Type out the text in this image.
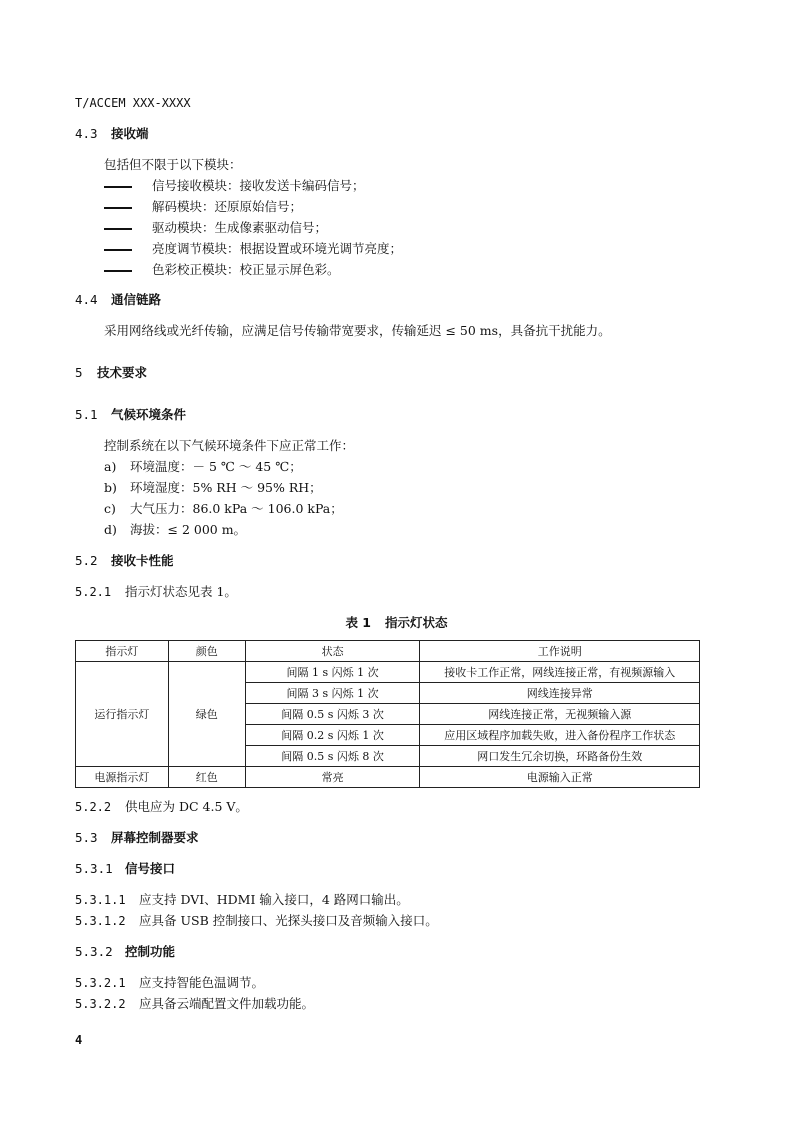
T/ACCEM XXX-XXXX
4.3 接收端
包括但不限于以下模块：
信号接收模块：接收发送卡编码信号；
解码模块：还原原始信号；
驱动模块：生成像素驱动信号；
亮度调节模块：根据设置或环境光调节亮度；
色彩校正模块：校正显示屏色彩。
4.4 通信链路
采用网络线或光纤传输，应满足信号传输带宽要求，传输延迟 ≤ 50 ms，具备抗干扰能力。
5 技术要求
5.1 气候环境条件
控制系统在以下气候环境条件下应正常工作：
a) 环境温度：－ 5 ℃ ～ 45 ℃；
b) 环境湿度：5% RH ～ 95% RH；
c) 大气压力：86.0 kPa ～ 106.0 kPa；
d) 海拔：≤ 2 000 m。
5.2 接收卡性能
5.2.1 指示灯状态见表 1。
表 1 指示灯状态
指示灯	颜色	状态	工作说明
运行指示灯	绿色	间隔 1 s 闪烁 1 次	接收卡工作正常，网线连接正常，有视频源输入
		间隔 3 s 闪烁 1 次	网线连接异常
		间隔 0.5 s 闪烁 3 次	网线连接正常，无视频输入源
		间隔 0.2 s 闪烁 1 次	应用区域程序加载失败，进入备份程序工作状态
		间隔 0.5 s 闪烁 8 次	网口发生冗余切换，环路备份生效
电源指示灯	红色	常亮	电源输入正常
5.2.2 供电应为 DC 4.5 V。
5.3 屏幕控制器要求
5.3.1 信号接口
5.3.1.1 应支持 DVI、HDMI 输入接口，4 路网口输出。
5.3.1.2 应具备 USB 控制接口、光探头接口及音频输入接口。
5.3.2 控制功能
5.3.2.1 应支持智能色温调节。
5.3.2.2 应具备云端配置文件加载功能。
4
